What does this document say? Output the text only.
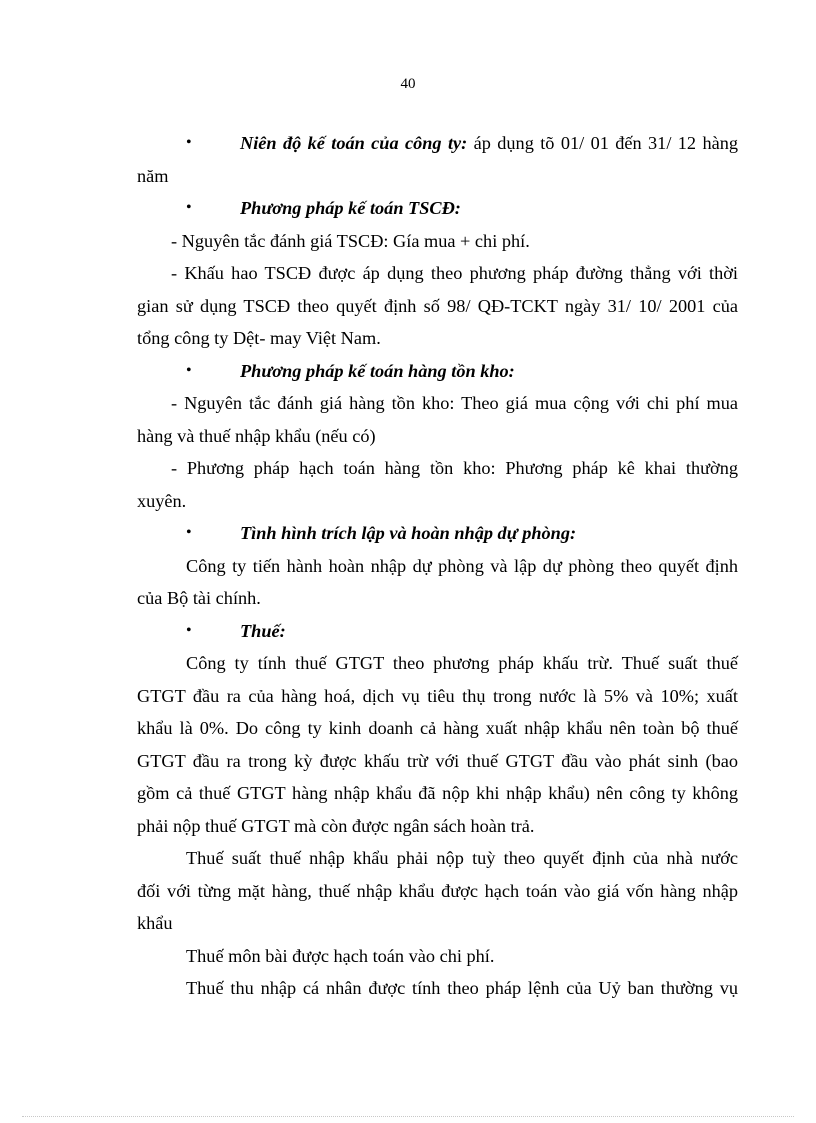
40
•	Niên độ kế toán của công ty: áp dụng tõ 01/ 01 đến 31/ 12 hàng
năm
•	Phương pháp kế toán TSCĐ:
- Nguyên tắc đánh giá TSCĐ: Gía mua + chi phí.
- Khấu hao TSCĐ được áp dụng theo phương pháp đường thẳng với thời
gian sử dụng TSCĐ theo quyết định số 98/ QĐ-TCKT ngày 31/ 10/ 2001 của
tổng công ty Dệt- may Việt Nam.
•	Phương pháp kế toán hàng tồn kho:
- Nguyên tắc đánh giá hàng tồn kho: Theo giá mua cộng với chi phí mua
hàng và thuế nhập khẩu (nếu có)
- Phương pháp hạch toán hàng tồn kho: Phương pháp kê khai thường
xuyên.
•	Tình hình trích lập và hoàn nhập dự phòng:
Công ty tiến hành hoàn nhập dự phòng và lập dự phòng theo quyết định
của Bộ tài chính.
•	Thuế:
Công ty tính thuế GTGT theo phương pháp khấu trừ. Thuế suất thuế
GTGT đầu ra của hàng hoá, dịch vụ tiêu thụ trong nước là 5% và 10%; xuất
khẩu là 0%. Do công ty kinh doanh cả hàng xuất nhập khẩu nên toàn bộ thuế
GTGT đầu ra trong kỳ được khấu trừ với thuế GTGT đầu vào phát sinh (bao
gồm cả thuế GTGT hàng nhập khẩu đã nộp khi nhập khẩu) nên công ty không
phải nộp thuế GTGT mà còn được ngân sách hoàn trả.
Thuế suất thuế nhập khẩu phải nộp tuỳ theo quyết định của nhà nước
đối với từng mặt hàng, thuế nhập khẩu được hạch toán vào giá vốn hàng nhập
khẩu
Thuế môn bài được hạch toán vào chi phí.
Thuế thu nhập cá nhân được tính theo pháp lệnh của Uỷ ban thường vụ
